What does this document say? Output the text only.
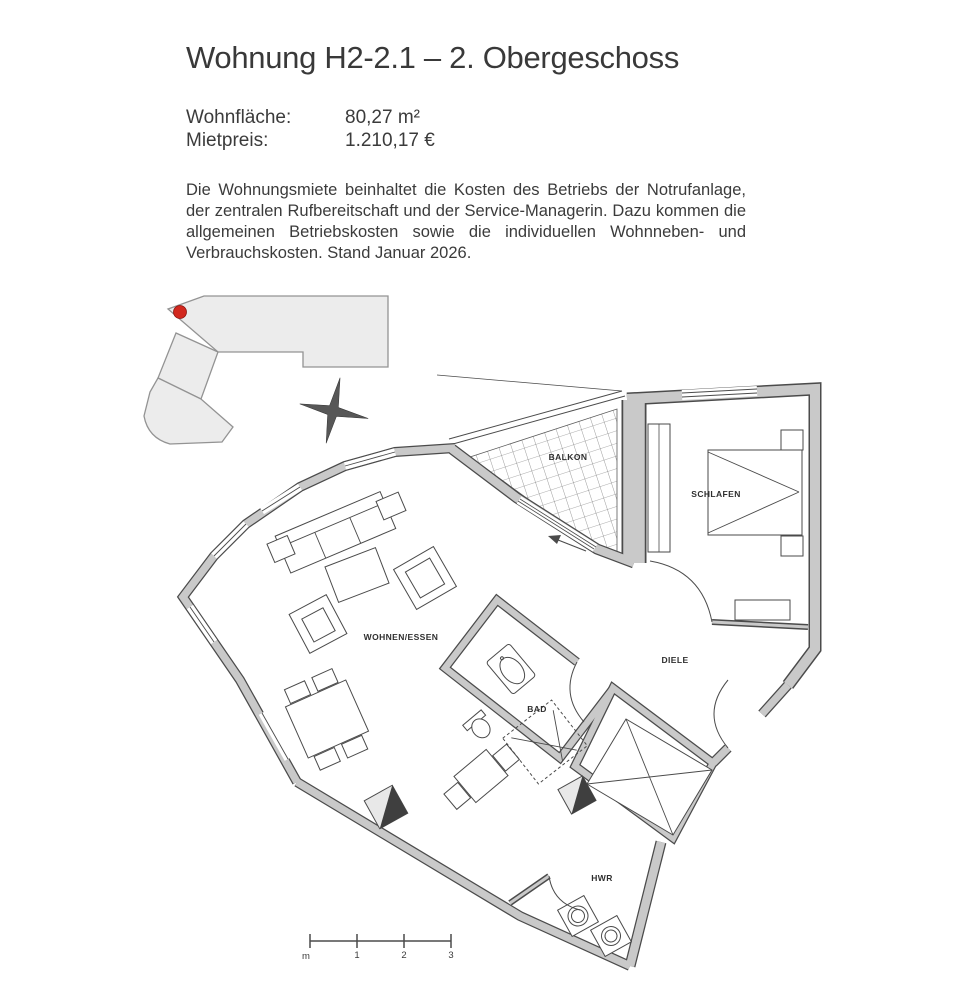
Wohnung H2-2.1 – 2. Obergeschoss
Wohnfläche:	80,27 m²
Mietpreis:	1.210,17 €
Die Wohnungsmiete beinhaltet die Kosten des Betriebs der Notrufanlage, der zentralen Rufbereitschaft und der Service-Managerin. Dazu kommen die allgemeinen Betriebskosten sowie die individuellen Wohnneben- und Verbrauchskosten. Stand Januar 2026.
BALKON
SCHLAFEN
WOHNEN/ESSEN
BAD
DIELE
HWR
m	1	2	3
